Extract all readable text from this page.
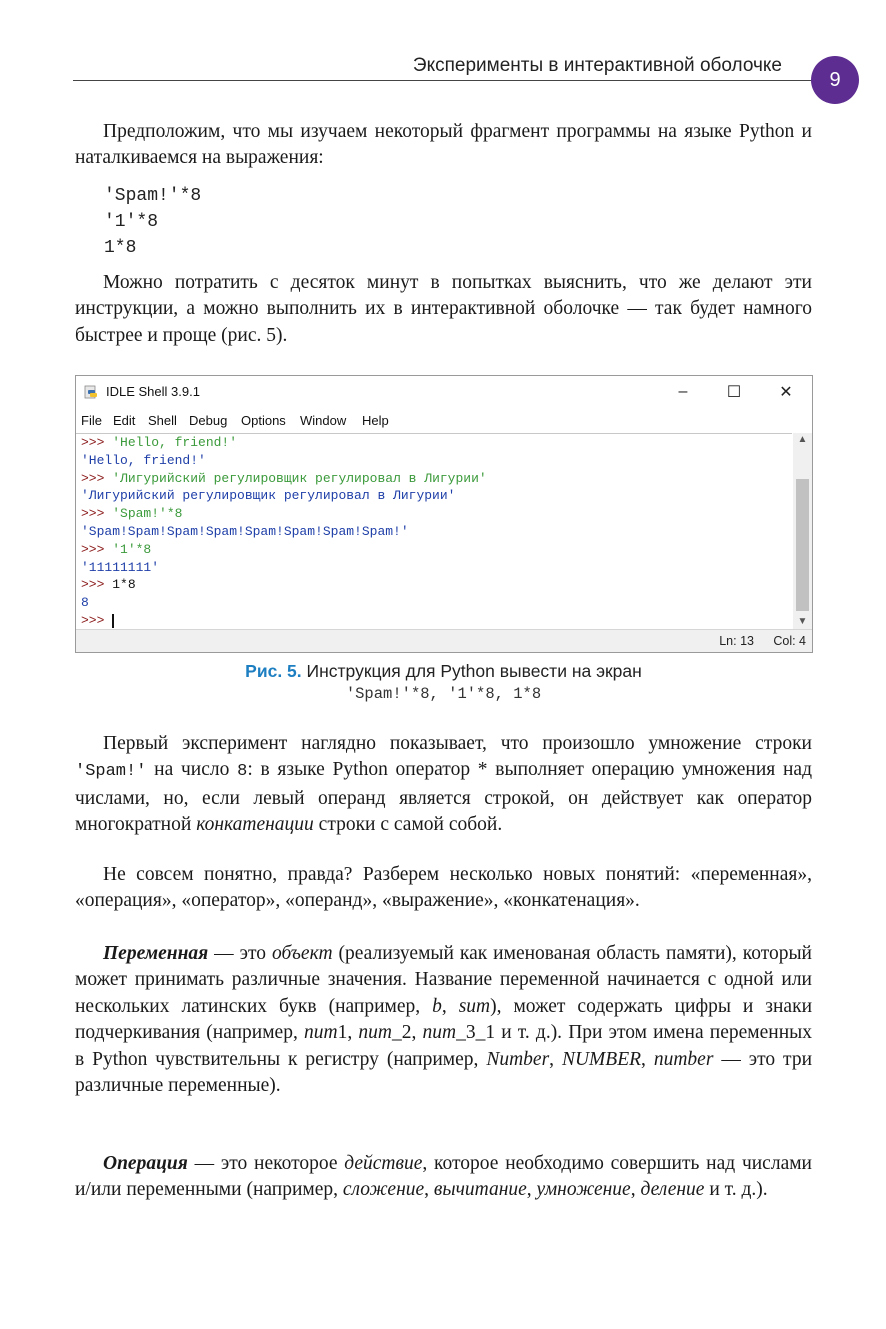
Эксперименты в интерактивной оболочке
9
Предположим, что мы изучаем некоторый фрагмент программы на языке Python и наталкиваемся на выражения:
'Spam!'*8
'1'*8
1*8
Можно потратить с десяток минут в попытках выяснить, что же делают эти инструкции, а можно выполнить их в интерактивной оболочке — так будет намного быстрее и проще (рис. 5).
IDLE Shell 3.9.1	–	☐	✕
File Edit Shell Debug Options Window Help
>>> 'Hello, friend!'
'Hello, friend!'
>>> 'Лигурийский регулировщик регулировал в Лигурии'
'Лигурийский регулировщик регулировал в Лигурии'
>>> 'Spam!'*8
'Spam!Spam!Spam!Spam!Spam!Spam!Spam!Spam!'
>>> '1'*8
'11111111'
>>> 1*8
8
>>>
▲
▼
Ln: 13 Col: 4
Рис. 5. Инструкция для Python вывести на экран
'Spam!'*8, '1'*8, 1*8
Первый эксперимент наглядно показывает, что произошло умножение строки 'Spam!' на число 8: в языке Python оператор * выполняет операцию умножения над числами, но, если левый операнд является строкой, он действует как оператор многократной конкатенации строки с самой собой.
Не совсем понятно, правда? Разберем несколько новых понятий: «переменная», «операция», «оператор», «операнд», «выражение», «конкатенация».
Переменная — это объект (реализуемый как именованая область памяти), который может принимать различные значения. Название переменной начинается с одной или нескольких латинских букв (например, b, sum), может содержать цифры и знаки подчеркивания (например, num1, num_2, num_3_1 и т. д.). При этом имена переменных в Python чувствительны к регистру (например, Number, NUMBER, number — это три различные переменные).
Операция — это некоторое действие, которое необходимо совершить над числами и/или переменными (например, сложение, вычитание, умножение, деление и т. д.).
